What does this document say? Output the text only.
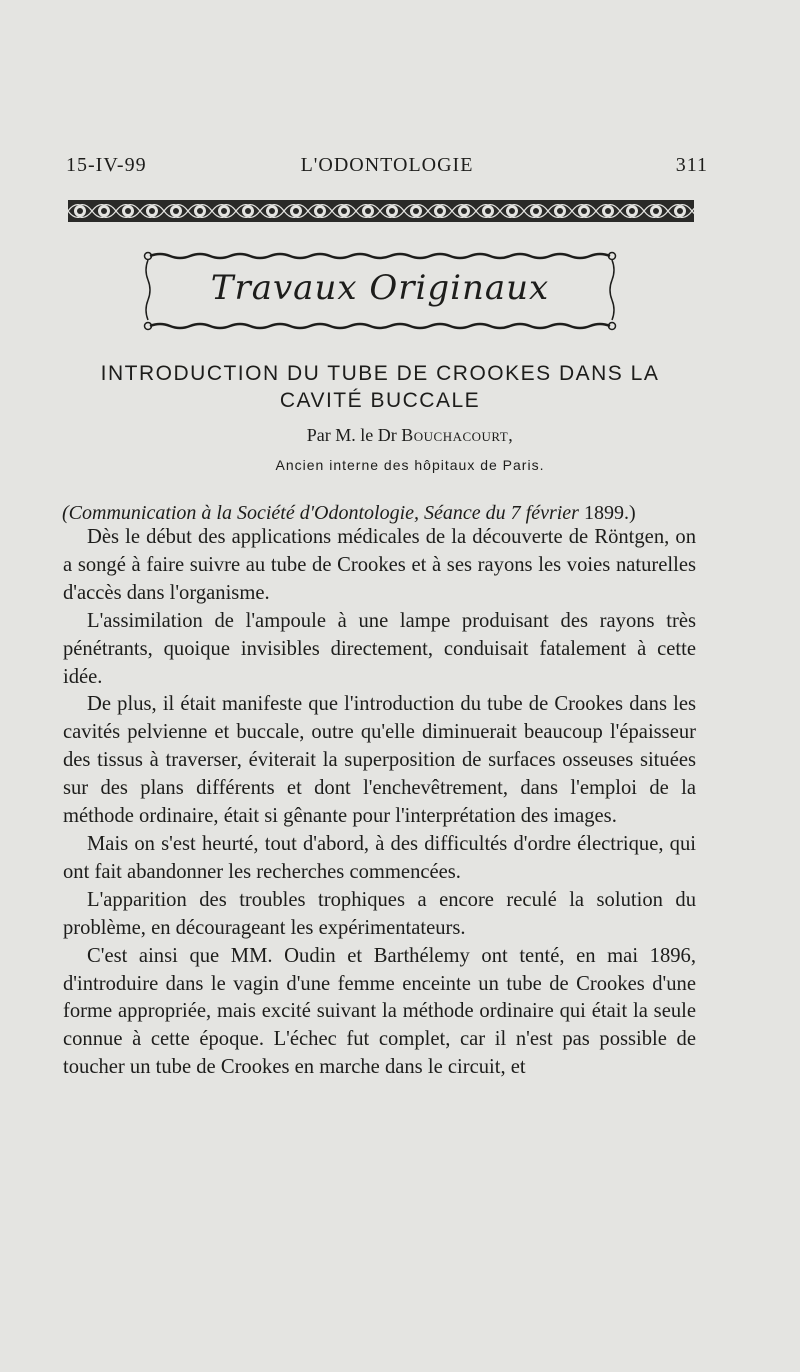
15-IV-99	L'ODONTOLOGIE	311
Travaux Originaux
INTRODUCTION DU TUBE DE CROOKES DANS LA CAVITÉ BUCCALE
Par M. le Dr Bouchacourt,
Ancien interne des hôpitaux de Paris.
(Communication à la Société d'Odontologie, Séance du 7 février 1899.)

Dès le début des applications médicales de la découverte de Röntgen, on a songé à faire suivre au tube de Crookes et à ses rayons les voies naturelles d'accès dans l'organisme.

L'assimilation de l'ampoule à une lampe produisant des rayons très pénétrants, quoique invisibles directement, conduisait fatalement à cette idée.

De plus, il était manifeste que l'introduction du tube de Crookes dans les cavités pelvienne et buccale, outre qu'elle diminuerait beaucoup l'épaisseur des tissus à traverser, éviterait la superposition de surfaces osseuses situées sur des plans différents et dont l'enchevêtrement, dans l'emploi de la méthode ordinaire, était si gênante pour l'interprétation des images.

Mais on s'est heurté, tout d'abord, à des difficultés d'ordre électrique, qui ont fait abandonner les recherches commencées.

L'apparition des troubles trophiques a encore reculé la solution du problème, en décourageant les expérimentateurs.

C'est ainsi que MM. Oudin et Barthélemy ont tenté, en mai 1896, d'introduire dans le vagin d'une femme enceinte un tube de Crookes d'une forme appropriée, mais excité suivant la méthode ordinaire qui était la seule connue à cette époque. L'échec fut complet, car il n'est pas possible de toucher un tube de Crookes en marche dans le circuit, et
